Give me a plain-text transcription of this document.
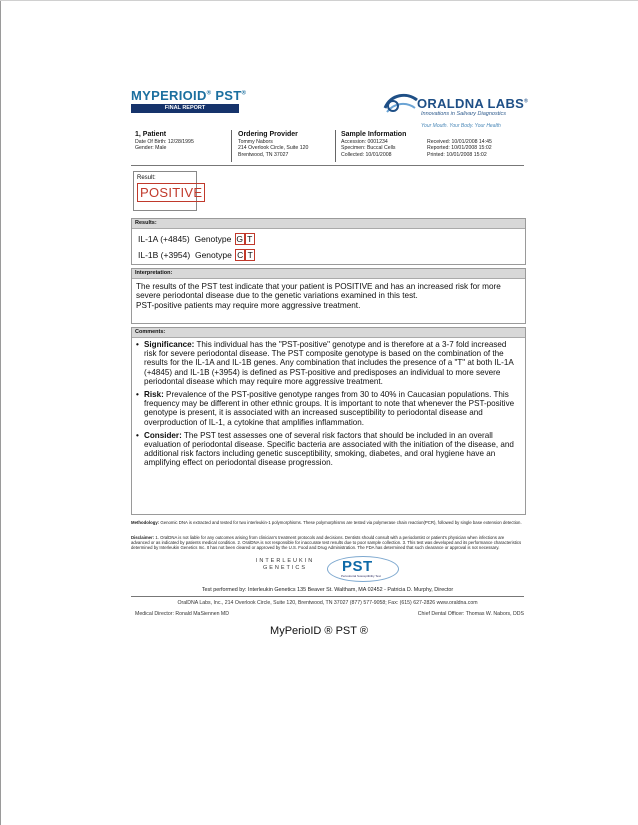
MYPERIOID® PST®
FINAL REPORT	ORALDNA LABS®
Innovations in Salivary Diagnostics
Your Mouth. Your Body. Your Health
1, Patient
Date Of Birth: 12/28/1995
Gender: Male
Ordering Provider
Tommy Nabors
214 Overlook Circle, Suite 120
Brentwood, TN 37027
Sample Information
Accession: 0001234
Specimen: Buccal Cells
Collected: 10/01/2008
Received: 10/01/2008 14:45
Reported: 10/01/2008 15:02
Printed: 10/01/2008 15:02
Result:
POSITIVE
Results:
IL-1A (+4845) Genotype G T
IL-1B (+3954) Genotype C T
Interpretation:
The results of the PST test indicate that your patient is POSITIVE and has an increased risk for more severe periodontal disease due to the genetic variations examined in this test.
PST-positive patients may require more aggressive treatment.
Comments:
• Significance: This individual has the "PST-positive" genotype and is therefore at a 3-7 fold increased risk for severe periodontal disease. The PST composite genotype is based on the combination of the results for the IL-1A and IL-1B genes. Any combination that includes the presence of a "T" at both IL-1A (+4845) and IL-1B (+3954) is defined as PST-positive and predisposes an individual to more severe periodontal disease which may require more aggressive treatment.
• Risk: Prevalence of the PST-positive genotype ranges from 30 to 40% in Caucasian populations. This frequency may be different in other ethnic groups. It is important to note that whenever the PST-positive genotype is present, it is associated with an increased susceptibility to periodontal disease and overproduction of IL-1, a cytokine that amplifies inflammation.
• Consider: The PST test assesses one of several risk factors that should be included in an overall evaluation of periodontal disease. Specific bacteria are associated with the initiation of the disease, and additional risk factors including genetic susceptibility, smoking, diabetes, and oral hygiene have an amplifying effect on periodontal disease progression.
Methodology: Genomic DNA is extracted and tested for two interleukin-1 polymorphisms. These polymorphisms are tested via polymerase chain reaction(PCR), followed by single base extension detection.
Disclaimer: 1. OralDNA is not liable for any outcomes arising from clinician's treatment protocols and decisions. Dentists should consult with a periodontist or patient's physician when infections are advanced or as indicated by patients medical condition. 2. OralDNA is not responsible for inaccurate test results due to poor sample collection. 3. This test was developed and its performance characteristics determined by Interleukin Genetics Inc. It has not been cleared or approved by the U.S. Food and Drug Administration. The FDA has determined that such clearance or approval is not necessary.
INTERLEUKIN
GENETICS	PST
Periodontal Susceptibility Test
Test performed by: Interleukin Genetics 135 Beaver St. Waltham, MA 02452 - Patricia D. Murphy, Director
OralDNA Labs, Inc., 214 Overlook Circle, Suite 120, Brentwood, TN 37027 (877) 577-9058; Fax: (615) 627-2826 www.oraldna.com
Medical Director: Ronald MaSiennen MD	Chief Dental Officer: Thomas W. Nabors, DDS
MyPerioID ® PST ®
